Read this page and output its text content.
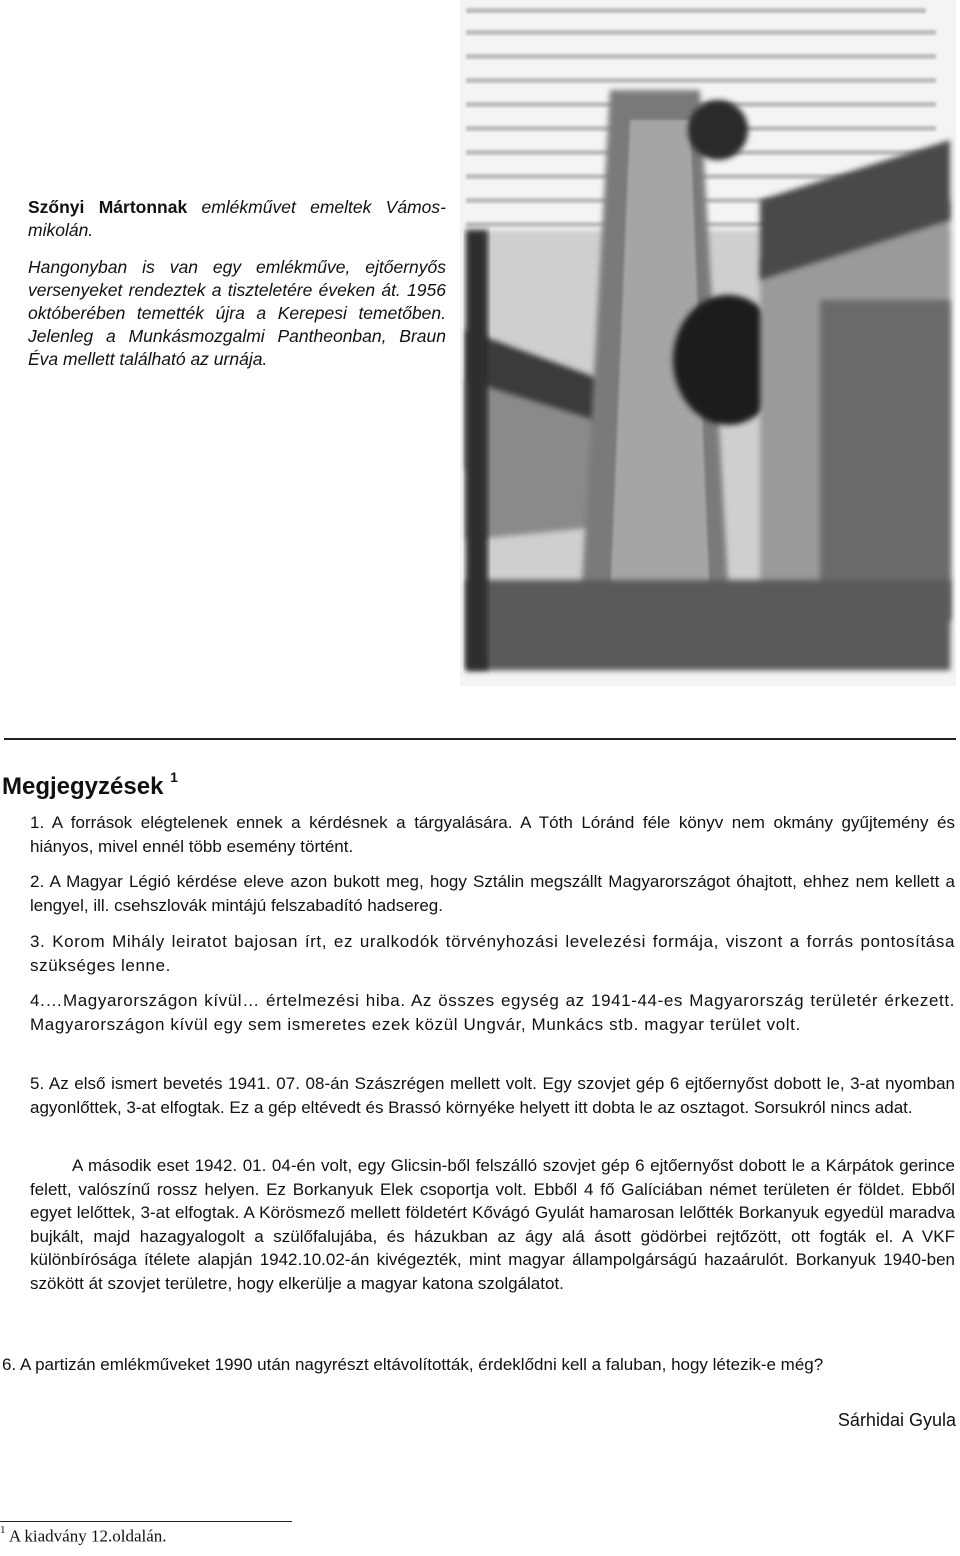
Szőnyi Mártonnak emlékművet emeltek Vámos-mikolán.

Hangonyban is van egy emlékműve, ejtőernyős versenyeket rendeztek a tiszteletére éveken át. 1956 októberében temették újra a Kerepesi temetőben. Jelenleg a Munkásmozgalmi Pantheonban, Braun Éva mellett található az urnája.

Megjegyzések $^1$
1. A források elégtelenek ennek a kérdésnek a tárgyalására. A Tóth Lóránd féle könyv nem okmány gyűjtemény és hiányos, mivel ennél több esemény történt.
2. A Magyar Légió kérdése eleve azon bukott meg, hogy Sztálin megszállt Magyarországot óhajtott, ehhez nem kellett a lengyel, ill. csehszlovák mintájú felszabadító hadsereg.
3. Korom Mihály leiratot bajosan írt, ez uralkodók törvényhozási levelezési formája, viszont a forrás pontosítása szükséges lenne.
4.…Magyarországon kívül… értelmezési hiba. Az összes egység az 1941-44-es Magyarország területér érkezett. Magyarországon kívül egy sem ismeretes ezek közül Ungvár, Munkács stb. magyar terület volt.
5. Az első ismert bevetés 1941. 07. 08-án Szászrégen mellett volt. Egy szovjet gép 6 ejtőernyőst dobott le, 3-at nyomban agyonlőttek, 3-at elfogtak. Ez a gép eltévedt és Brassó környéke helyett itt dobta le az osztagot. Sorsukról nincs adat.
A második eset 1942. 01. 04-én volt, egy Glicsin-ből felszálló szovjet gép 6 ejtőernyőst dobott le a Kárpátok gerince felett, valószínű rossz helyen. Ez Borkanyuk Elek csoportja volt. Ebből 4 fő Galíciában német területen ér földet. Ebből egyet lelőttek, 3-at elfogtak. A Körösmező mellett földetért Kővágó Gyulát hamarosan lelőtték Borkanyuk egyedül maradva bujkált, majd hazagyalogolt a szülőfalujába, és házukban az ágy alá ásott gödörbei rejtőzött, ott fogták el. A VKF különbírósága ítélete alapján 1942.10.02-án kivégezték, mint magyar állampolgárságú hazaárulót. Borkanyuk 1940-ben szökött át szovjet területre, hogy elkerülje a magyar katona szolgálatot.
6. A partizán emlékműveket 1990 után nagyrészt eltávolították, érdeklődni kell a faluban, hogy létezik-e még?
Sárhidai Gyula
$^1$ A kiadvány 12.oldalán.
